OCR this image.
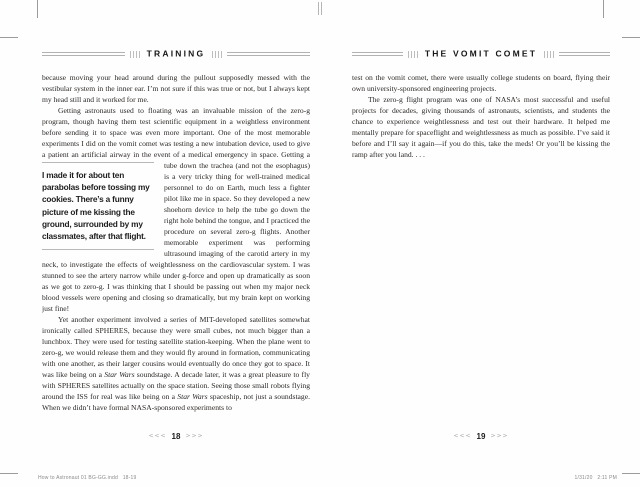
TRAINING
because moving your head around during the pullout supposedly messed with the vestibular system in the inner ear. I’m not sure if this was true or not, but I always kept my head still and it worked for me.
Getting astronauts used to floating was an invaluable mission of the zero-g program, though having them test scientific equipment in a weightless environment before sending it to space was even more important. One of the most memorable experiments I did on the vomit comet was testing a new intubation device, used to give a patient an artificial airway in the event of a medical emergency in space. Getting a tube down the trachea (and not
I made it for about ten parabolas before tossing my cookies. There’s a funny picture of me kissing the ground, surrounded by my classmates, after that flight.
the esophagus) is a very tricky thing for well-trained medical personnel to do on Earth, much less a fighter pilot like me in space. So they developed a new shoehorn device to help the tube go down the right hole behind the tongue, and I practiced the procedure on several zero-g flights. Another memorable experiment was performing ultrasound imaging of the carotid artery in my neck, to investigate the effects of weightlessness on the cardiovascular system. I was stunned to see the artery narrow while under g-force and open up dramatically as soon as we got to zero-g. I was thinking that I should be passing out when my major neck blood vessels were opening and closing so dramatically, but my brain kept on working just fine!
Yet another experiment involved a series of MIT-developed satellites somewhat ironically called SPHERES, because they were small cubes, not much bigger than a lunchbox. They were used for testing satellite station-keeping. When the plane went to zero-g, we would release them and they would fly around in formation, communicating with one another, as their larger cousins would eventually do once they got to space. It was like being on a Star Wars soundstage. A decade later, it was a great pleasure to fly with SPHERES satellites actually on the space station. Seeing those small robots flying around the ISS for real was like being on a Star Wars spaceship, not just a soundstage. When we didn’t have formal NASA-sponsored experiments to
THE VOMIT COMET
test on the vomit comet, there were usually college students on board, flying their own university-sponsored engineering projects.
The zero-g flight program was one of NASA’s most successful and useful projects for decades, giving thousands of astronauts, scientists, and students the chance to experience weightlessness and test out their hardware. It helped me mentally prepare for spaceflight and weightlessness as much as possible. I’ve said it before and I’ll say it again—if you do this, take the meds! Or you’ll be kissing the ramp after you land. . . .
<<< 18 >>>	<<< 19 >>>
How to Astronaut 01 BG-GG.indd   18-19	1/31/20   2:11 PM
